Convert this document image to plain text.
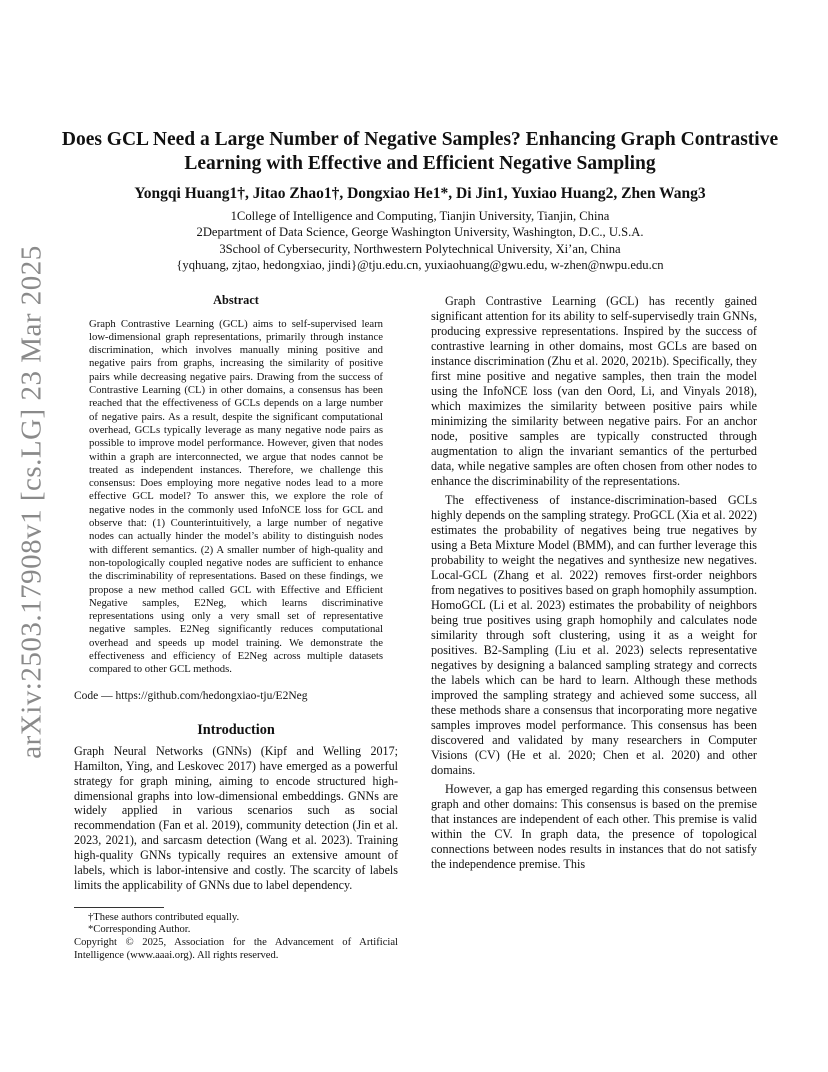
arXiv:2503.17908v1 [cs.LG] 23 Mar 2025
Does GCL Need a Large Number of Negative Samples? Enhancing Graph Contrastive Learning with Effective and Efficient Negative Sampling

Yongqi Huang1†, Jitao Zhao1†, Dongxiao He1*, Di Jin1, Yuxiao Huang2, Zhen Wang3

1College of Intelligence and Computing, Tianjin University, Tianjin, China
2Department of Data Science, George Washington University, Washington, D.C., U.S.A.
3School of Cybersecurity, Northwestern Polytechnical University, Xi’an, China
{yqhuang, zjtao, hedongxiao, jindi}@tju.edu.cn, yuxiaohuang@gwu.edu, w-zhen@nwpu.edu.cn

Abstract

Graph Contrastive Learning (GCL) aims to self-supervised learn low-dimensional graph representations, primarily through instance discrimination, which involves manually mining positive and negative pairs from graphs, increasing the similarity of positive pairs while decreasing negative pairs. Drawing from the success of Contrastive Learning (CL) in other domains, a consensus has been reached that the effectiveness of GCLs depends on a large number of negative pairs. As a result, despite the significant computational overhead, GCLs typically leverage as many negative node pairs as possible to improve model performance. However, given that nodes within a graph are interconnected, we argue that nodes cannot be treated as independent instances. Therefore, we challenge this consensus: Does employing more negative nodes lead to a more effective GCL model? To answer this, we explore the role of negative nodes in the commonly used InfoNCE loss for GCL and observe that: (1) Counterintuitively, a large number of negative nodes can actually hinder the model’s ability to distinguish nodes with different semantics. (2) A smaller number of high-quality and non-topologically coupled negative nodes are sufficient to enhance the discriminability of representations. Based on these findings, we propose a new method called GCL with Effective and Efficient Negative samples, E2Neg, which learns discriminative representations using only a very small set of representative negative samples. E2Neg significantly reduces computational overhead and speeds up model training. We demonstrate the effectiveness and efficiency of E2Neg across multiple datasets compared to other GCL methods.

Code — https://github.com/hedongxiao-tju/E2Neg

Introduction

Graph Neural Networks (GNNs) (Kipf and Welling 2017; Hamilton, Ying, and Leskovec 2017) have emerged as a powerful strategy for graph mining, aiming to encode structured high-dimensional graphs into low-dimensional embeddings. GNNs are widely applied in various scenarios such as social recommendation (Fan et al. 2019), community detection (Jin et al. 2023, 2021), and sarcasm detection (Wang et al. 2023). Training high-quality GNNs typically requires an extensive amount of labels, which is labor-intensive and costly. The scarcity of labels limits the applicability of GNNs due to label dependency.

†These authors contributed equally.

*Corresponding Author.

Copyright © 2025, Association for the Advancement of Artificial Intelligence (www.aaai.org). All rights reserved.

Graph Contrastive Learning (GCL) has recently gained significant attention for its ability to self-supervisedly train GNNs, producing expressive representations. Inspired by the success of contrastive learning in other domains, most GCLs are based on instance discrimination (Zhu et al. 2020, 2021b). Specifically, they first mine positive and negative samples, then train the model using the InfoNCE loss (van den Oord, Li, and Vinyals 2018), which maximizes the similarity between positive pairs while minimizing the similarity between negative pairs. For an anchor node, positive samples are typically constructed through augmentation to align the invariant semantics of the perturbed data, while negative samples are often chosen from other nodes to enhance the discriminability of the representations.

The effectiveness of instance-discrimination-based GCLs highly depends on the sampling strategy. ProGCL (Xia et al. 2022) estimates the probability of negatives being true negatives by using a Beta Mixture Model (BMM), and can further leverage this probability to weight the negatives and synthesize new negatives. Local-GCL (Zhang et al. 2022) removes first-order neighbors from negatives to positives based on graph homophily assumption. HomoGCL (Li et al. 2023) estimates the probability of neighbors being true positives using graph homophily and calculates node similarity through soft clustering, using it as a weight for positives. B2-Sampling (Liu et al. 2023) selects representative negatives by designing a balanced sampling strategy and corrects the labels which can be hard to learn. Although these methods improved the sampling strategy and achieved some success, all these methods share a consensus that incorporating more negative samples improves model performance. This consensus has been discovered and validated by many researchers in Computer Visions (CV) (He et al. 2020; Chen et al. 2020) and other domains.

However, a gap has emerged regarding this consensus between graph and other domains: This consensus is based on the premise that instances are independent of each other. This premise is valid within the CV. In graph data, the presence of topological connections between nodes results in instances that do not satisfy the independence premise. This
